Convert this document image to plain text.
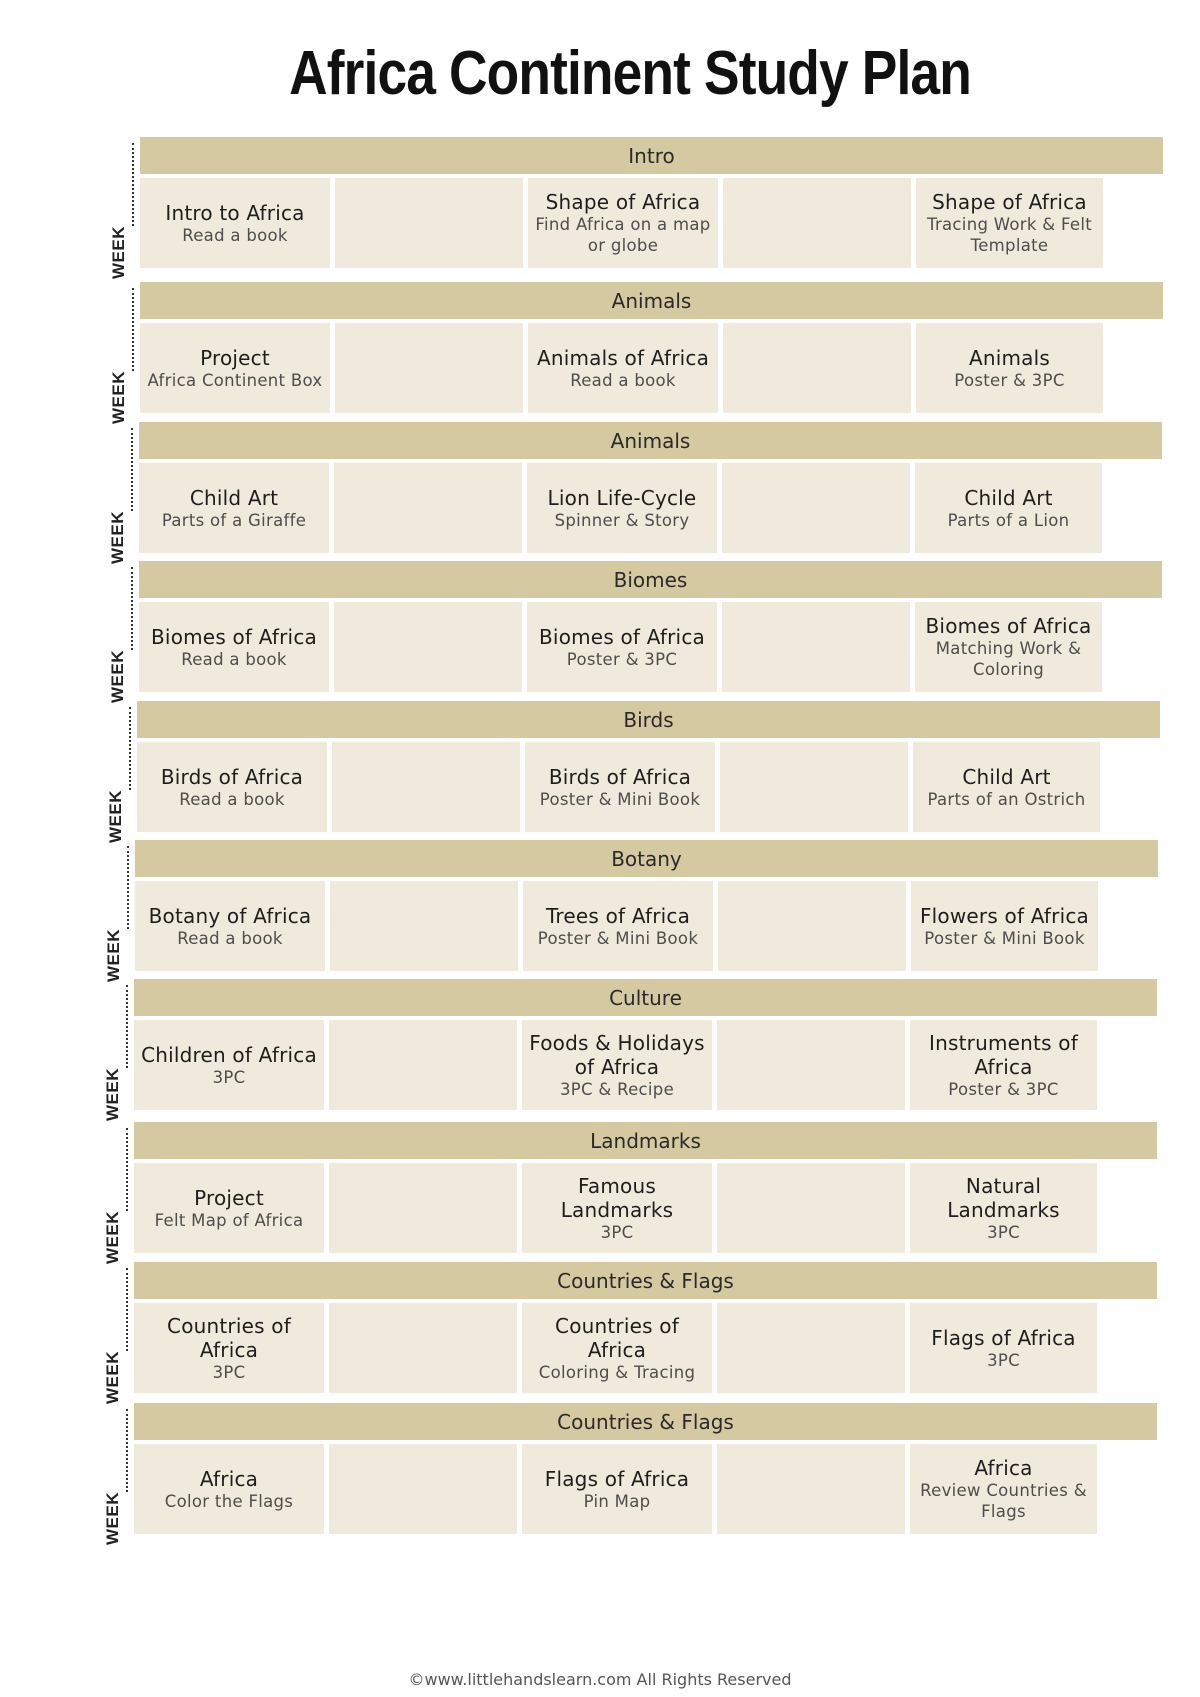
Africa Continent Study Plan
WEEK
Intro
Intro to Africa
Read a book
Shape of Africa
Find Africa on a map or globe
Shape of Africa
Tracing Work & Felt Template
WEEK
Animals
Project
Africa Continent Box
Animals of Africa
Read a book
Animals
Poster & 3PC
WEEK
Animals
Child Art
Parts of a Giraffe
Lion Life-Cycle
Spinner & Story
Child Art
Parts of a Lion
WEEK
Biomes
Biomes of Africa
Read a book
Biomes of Africa
Poster & 3PC
Biomes of Africa
Matching Work & Coloring
WEEK
Birds
Birds of Africa
Read a book
Birds of Africa
Poster & Mini Book
Child Art
Parts of an Ostrich
WEEK
Botany
Botany of Africa
Read a book
Trees of Africa
Poster & Mini Book
Flowers of Africa
Poster & Mini Book
WEEK
Culture
Children of Africa
3PC
Foods & Holidays of Africa
3PC & Recipe
Instruments of Africa
Poster & 3PC
WEEK
Landmarks
Project
Felt Map of Africa
Famous Landmarks
3PC
Natural Landmarks
3PC
WEEK
Countries & Flags
Countries of Africa
3PC
Countries of Africa
Coloring & Tracing
Flags of Africa
3PC
WEEK
Countries & Flags
Africa
Color the Flags
Flags of Africa
Pin Map
Africa
Review Countries & Flags
©www.littlehandslearn.com All Rights Reserved
